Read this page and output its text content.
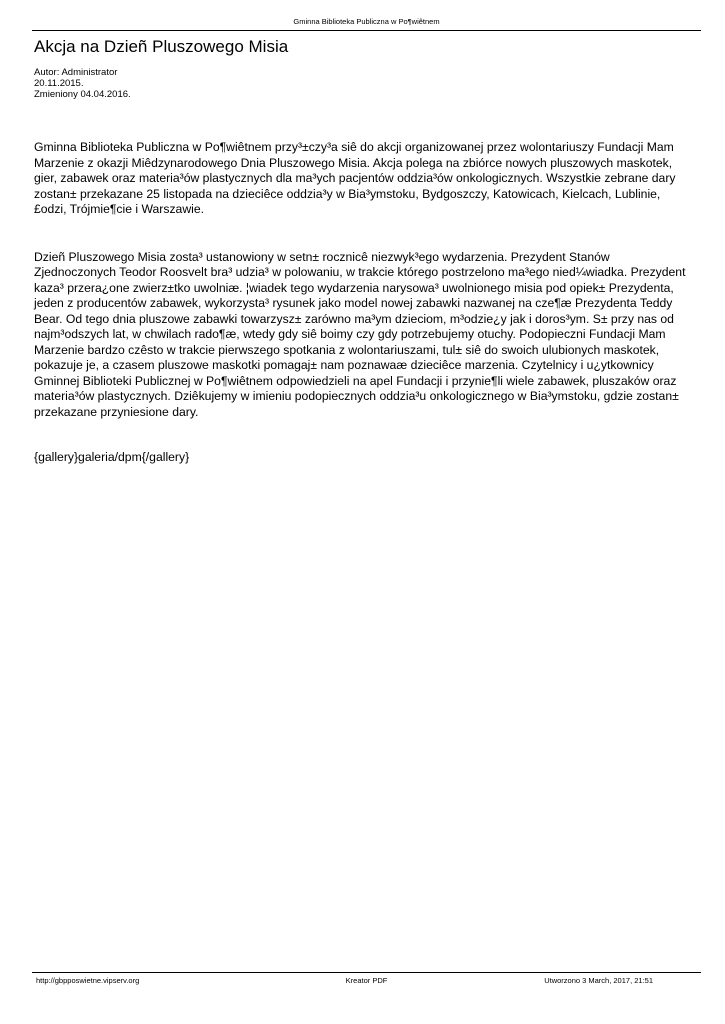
Gminna Biblioteka Publiczna w Po¶wiêtnem
Akcja na Dzieñ Pluszowego Misia
Autor: Administrator
20.11.2015.
Zmieniony 04.04.2016.
Gminna Biblioteka Publiczna w Po¶wiêtnem przy³±czy³a siê do akcji organizowanej przez wolontariuszy Fundacji Mam Marzenie z okazji Miêdzynarodowego Dnia Pluszowego Misia. Akcja polega na zbiórce nowych pluszowych maskotek, gier, zabawek oraz materia³ów plastycznych dla ma³ych pacjentów oddzia³ów onkologicznych. Wszystkie zebrane dary zostan± przekazane 25 listopada na dzieciêce oddzia³y w Bia³ymstoku, Bydgoszczy, Katowicach, Kielcach, Lublinie, £odzi, Trójmie¶cie i Warszawie.
Dzieñ Pluszowego Misia zosta³ ustanowiony w setn± rocznicê niezwyk³ego wydarzenia. Prezydent Stanów Zjednoczonych Teodor Roosvelt bra³ udzia³ w polowaniu, w trakcie którego postrzelono ma³ego nied¼wiadka. Prezydent kaza³ przera¿one zwierz±tko uwolniæ. ¦wiadek tego wydarzenia narysowa³ uwolnionego misia pod opiek± Prezydenta, jeden z producentów zabawek, wykorzysta³ rysunek jako model nowej zabawki nazwanej na cze¶æ Prezydenta Teddy Bear. Od tego dnia pluszowe zabawki towarzysz± zarówno ma³ym dzieciom, m³odzie¿y jak i doros³ym. S± przy nas od najm³odszych lat, w chwilach rado¶æ, wtedy gdy siê boimy czy gdy potrzebujemy otuchy. Podopieczni Fundacji Mam Marzenie bardzo czêsto w trakcie pierwszego spotkania z wolontariuszami, tul± siê do swoich ulubionych maskotek, pokazuje je, a czasem pluszowe maskotki pomagaj± nam poznawaæ dzieciêce marzenia. Czytelnicy i u¿ytkownicy Gminnej Biblioteki Publicznej w Po¶wiêtnem odpowiedzieli na apel Fundacji i przynie¶li wiele zabawek, pluszaków oraz materia³ów plastycznych. Dziêkujemy w imieniu podopiecznych oddzia³u onkologicznego w Bia³ymstoku, gdzie zostan± przekazane przyniesione dary.
{gallery}galeria/dpm{/gallery}
http://gbpposwietne.vipserv.org	Kreator PDF	Utworzono 3 March, 2017, 21:51
